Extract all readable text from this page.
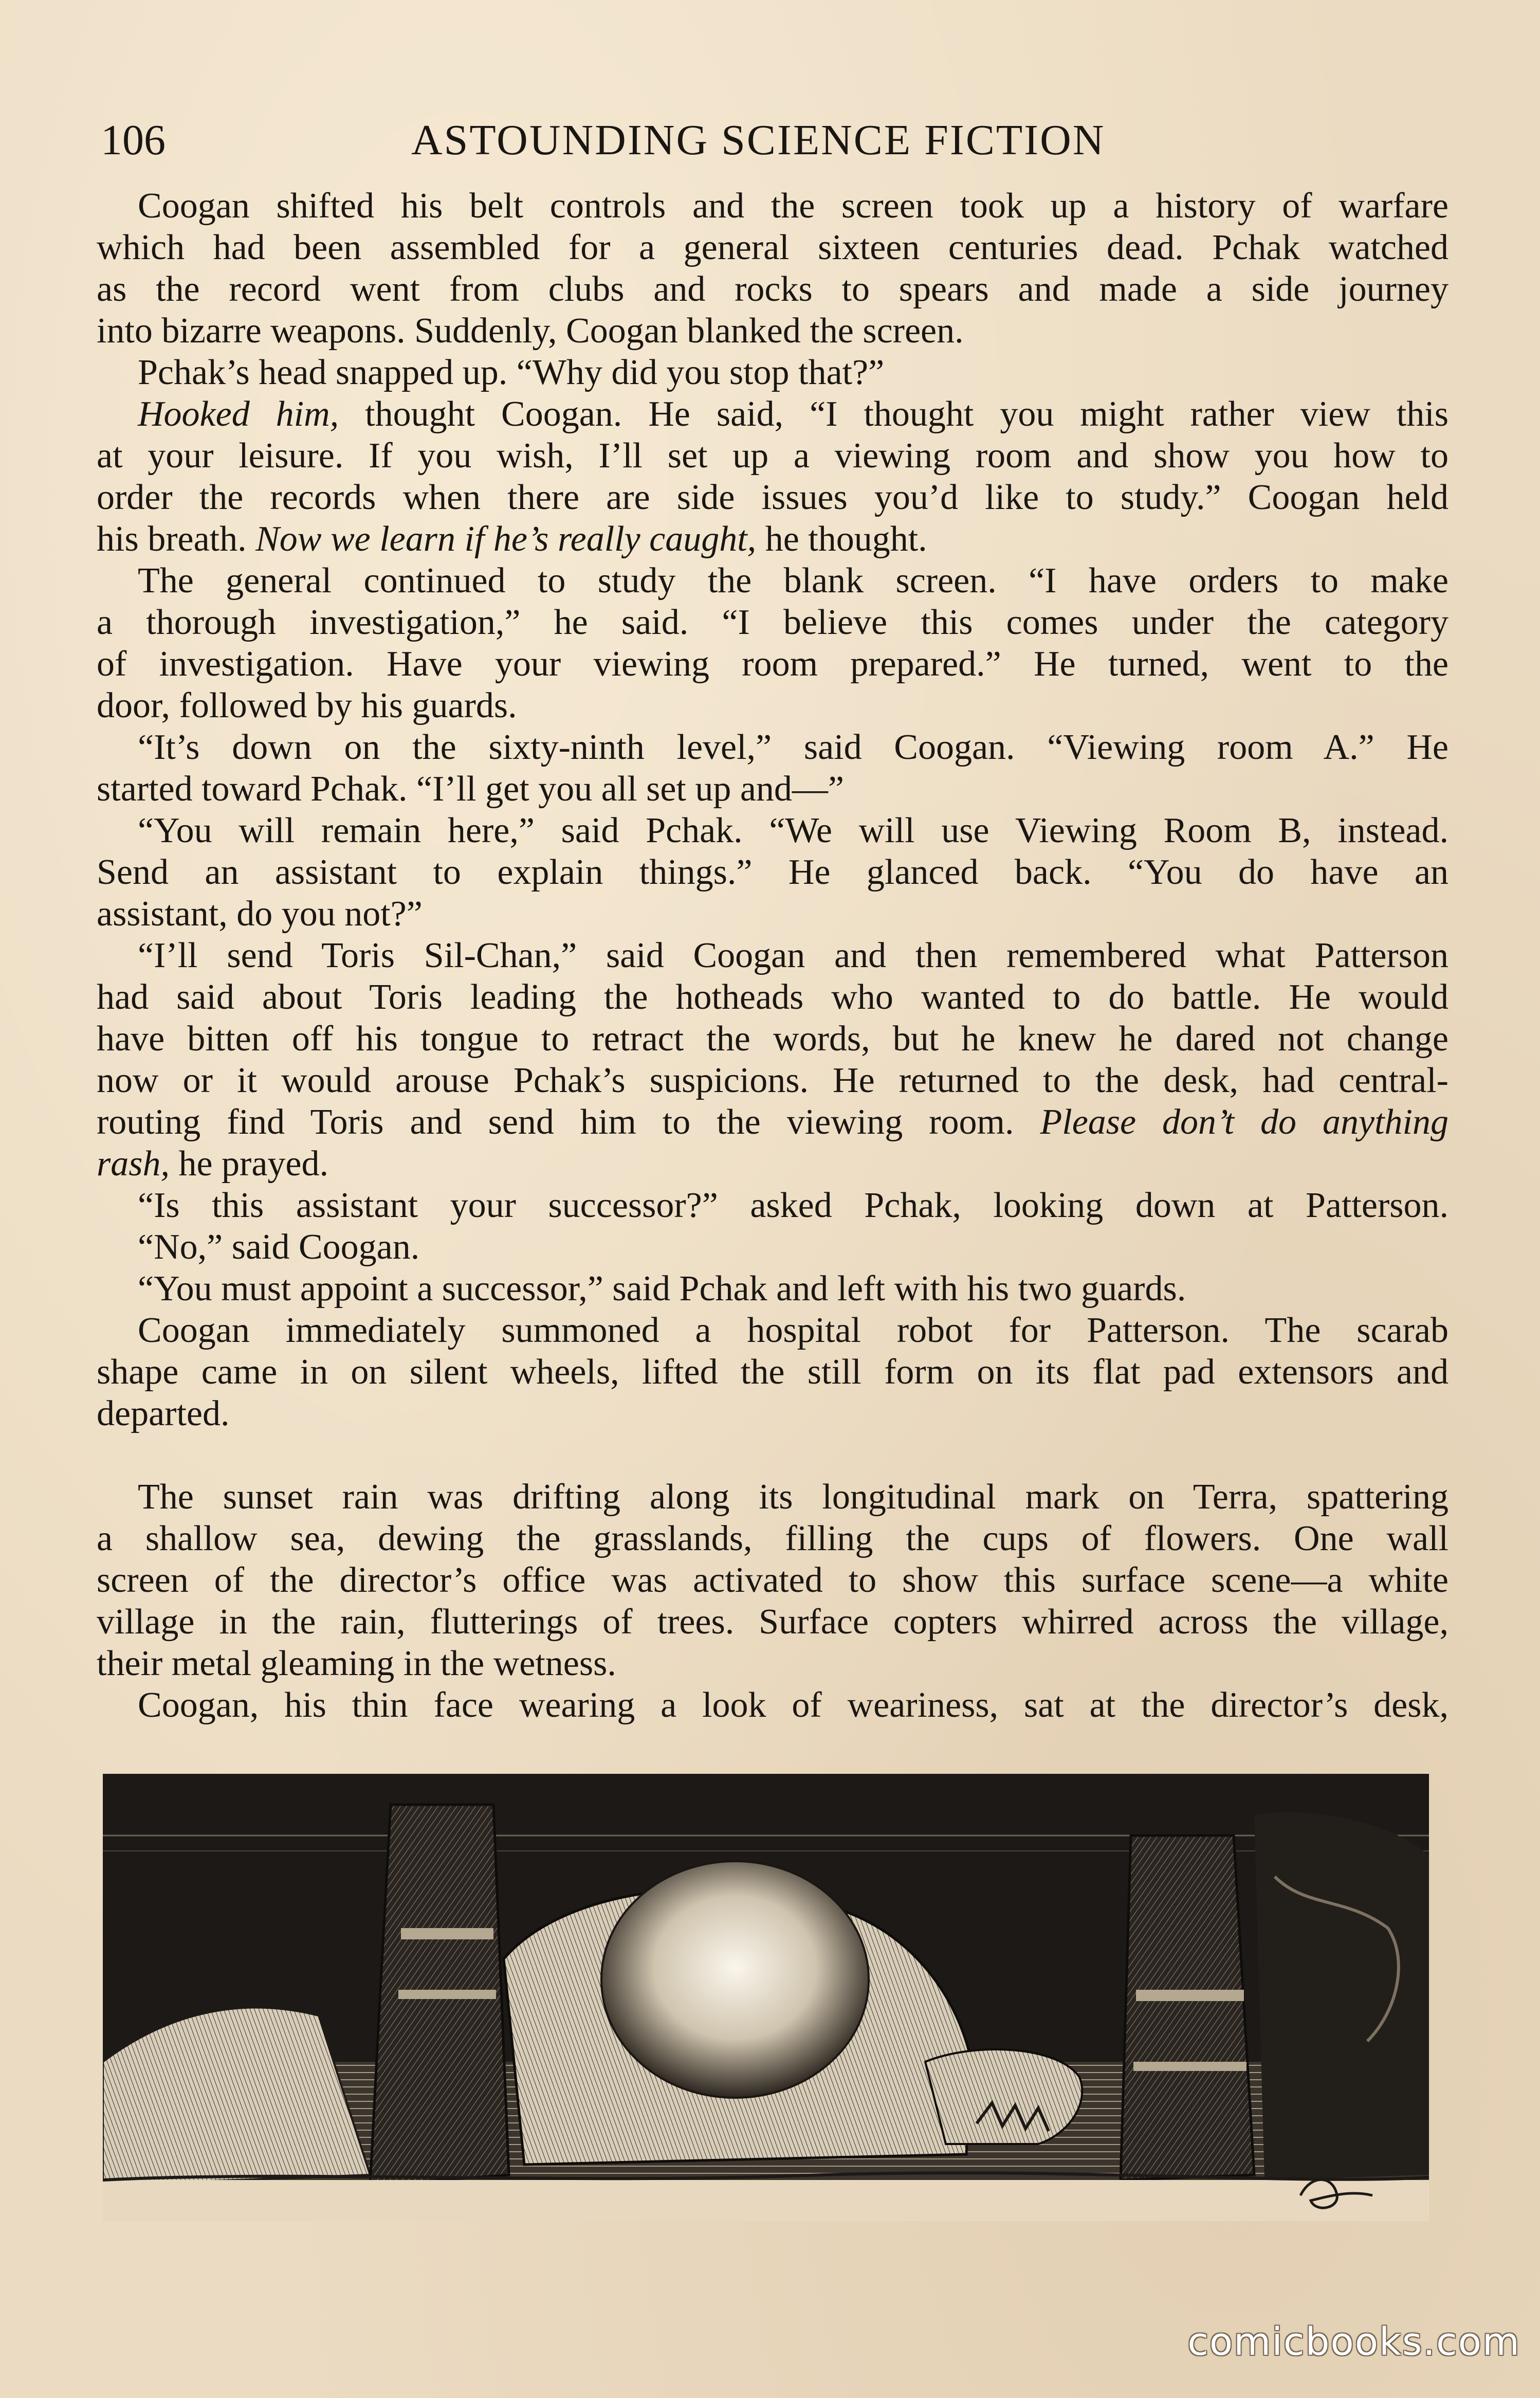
106	ASTOUNDING SCIENCE FICTION
Coogan shifted his belt controls and the screen took up a history of warfare
which had been assembled for a general sixteen centuries dead. Pchak watched
as the record went from clubs and rocks to spears and made a side journey
into bizarre weapons. Suddenly, Coogan blanked the screen.
Pchak’s head snapped up. “Why did you stop that?”
Hooked him, thought Coogan. He said, “I thought you might rather view this
at your leisure. If you wish, I’ll set up a viewing room and show you how to
order the records when there are side issues you’d like to study.” Coogan held
his breath. Now we learn if he’s really caught, he thought.
The general continued to study the blank screen. “I have orders to make
a thorough investigation,” he said. “I believe this comes under the category
of investigation. Have your viewing room prepared.” He turned, went to the
door, followed by his guards.
“It’s down on the sixty-ninth level,” said Coogan. “Viewing room A.” He
started toward Pchak. “I’ll get you all set up and—”
“You will remain here,” said Pchak. “We will use Viewing Room B, instead.
Send an assistant to explain things.” He glanced back. “You do have an
assistant, do you not?”
“I’ll send Toris Sil-Chan,” said Coogan and then remembered what Patterson
had said about Toris leading the hotheads who wanted to do battle. He would
have bitten off his tongue to retract the words, but he knew he dared not change
now or it would arouse Pchak’s suspicions. He returned to the desk, had central-
routing find Toris and send him to the viewing room. Please don’t do anything
rash, he prayed.
“Is this assistant your successor?” asked Pchak, looking down at Patterson.
“No,” said Coogan.
“You must appoint a successor,” said Pchak and left with his two guards.
Coogan immediately summoned a hospital robot for Patterson. The scarab
shape came in on silent wheels, lifted the still form on its flat pad extensors and
departed.
The sunset rain was drifting along its longitudinal mark on Terra, spattering
a shallow sea, dewing the grasslands, filling the cups of flowers. One wall
screen of the director’s office was activated to show this surface scene—a white
village in the rain, flutterings of trees. Surface copters whirred across the village,
their metal gleaming in the wetness.
Coogan, his thin face wearing a look of weariness, sat at the director’s desk,
comicbooks.com
